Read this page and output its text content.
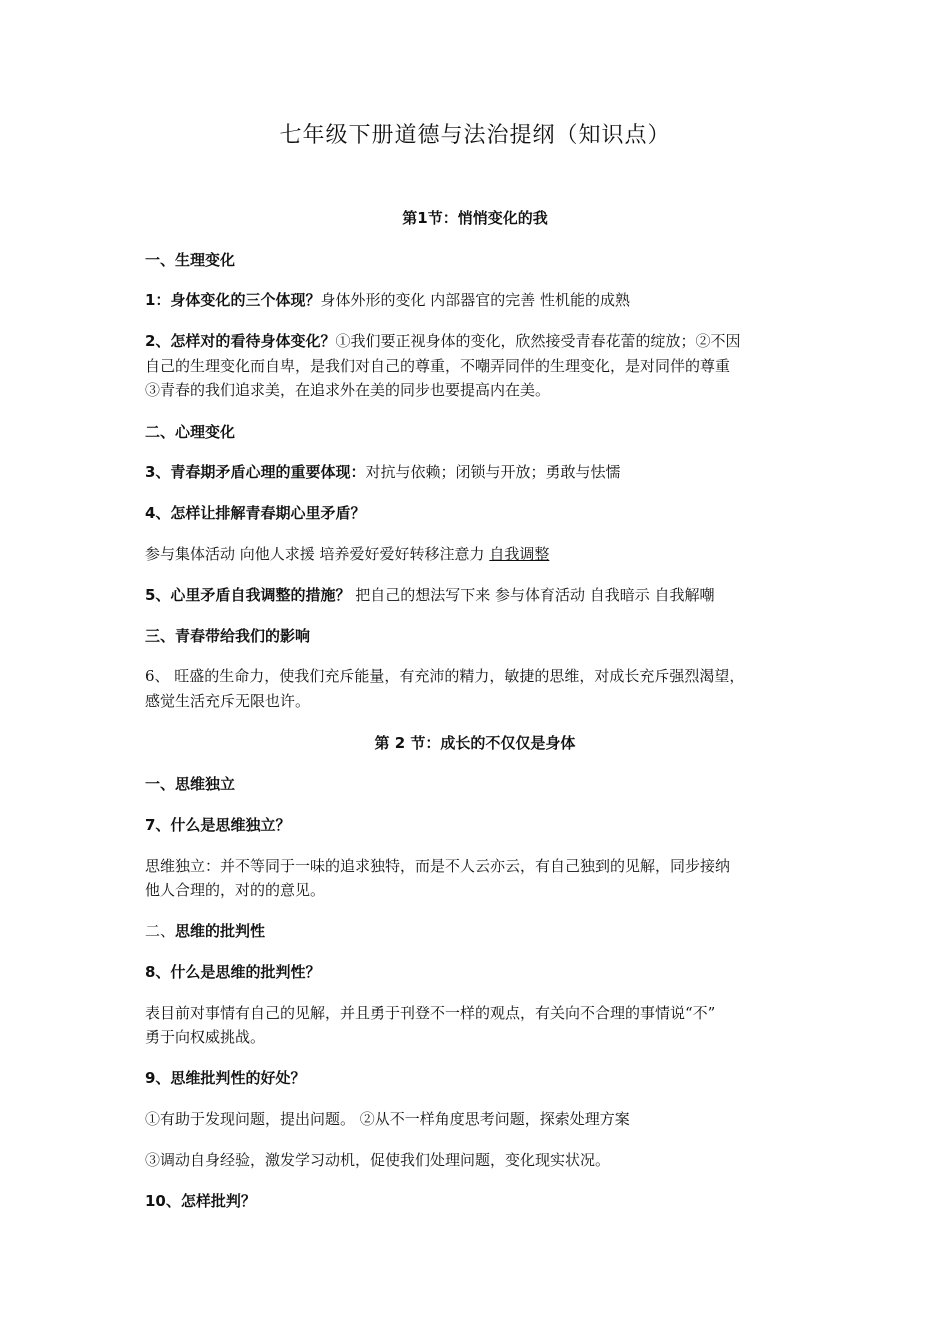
七年级下册道德与法治提纲（知识点）
第1节：悄悄变化的我
一、生理变化
1：身体变化的三个体现？身体外形的变化 内部器官的完善 性机能的成熟
2、怎样对的看待身体变化？①我们要正视身体的变化，欣然接受青春花蕾的绽放；②不因
自己的生理变化而自卑，是我们对自己的尊重，不嘲弄同伴的生理变化，是对同伴的尊重
③青春的我们追求美，在追求外在美的同步也要提高内在美。
二、心理变化
3、青春期矛盾心理的重要体现：对抗与依赖；闭锁与开放；勇敢与怯懦
4、怎样让排解青春期心里矛盾？
参与集体活动 向他人求援 培养爱好爱好转移注意力 自我调整
5、心里矛盾自我调整的措施？ 把自己的想法写下来 参与体育活动 自我暗示 自我解嘲
三、青春带给我们的影响
6、 旺盛的生命力，使我们充斥能量，有充沛的精力，敏捷的思维，对成长充斥强烈渴望，
感觉生活充斥无限也许。
第 2 节：成长的不仅仅是身体
一、思维独立
7、什么是思维独立？
思维独立：并不等同于一味的追求独特，而是不人云亦云，有自己独到的见解，同步接纳
他人合理的，对的的意见。
二、思维的批判性
8、什么是思维的批判性？
表目前对事情有自己的见解，并且勇于刊登不一样的观点，有关向不合理的事情说“不”
勇于向权威挑战。
9、思维批判性的好处？
①有助于发现问题，提出问题。 ②从不一样角度思考问题，探索处理方案
③调动自身经验，激发学习动机，促使我们处理问题，变化现实状况。
10、怎样批判？
